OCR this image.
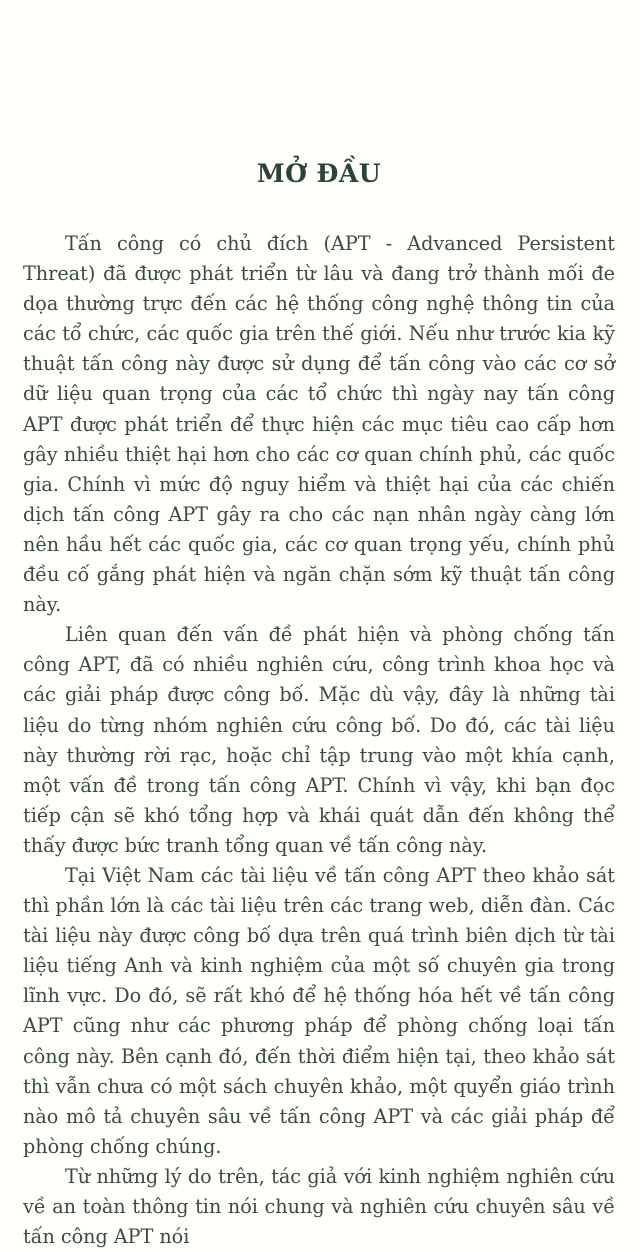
MỞ ĐẦU

Tấn công có chủ đích (APT - Advanced Persistent Threat) đã được phát triển từ lâu và đang trở thành mối đe dọa thường trực đến các hệ thống công nghệ thông tin của các tổ chức, các quốc gia trên thế giới. Nếu như trước kia kỹ thuật tấn công này được sử dụng để tấn công vào các cơ sở dữ liệu quan trọng của các tổ chức thì ngày nay tấn công APT được phát triển để thực hiện các mục tiêu cao cấp hơn gây nhiều thiệt hại hơn cho các cơ quan chính phủ, các quốc gia. Chính vì mức độ nguy hiểm và thiệt hại của các chiến dịch tấn công APT gây ra cho các nạn nhân ngày càng lớn nên hầu hết các quốc gia, các cơ quan trọng yếu, chính phủ đều cố gắng phát hiện và ngăn chặn sớm kỹ thuật tấn công này.

Liên quan đến vấn đề phát hiện và phòng chống tấn công APT, đã có nhiều nghiên cứu, công trình khoa học và các giải pháp được công bố. Mặc dù vậy, đây là những tài liệu do từng nhóm nghiên cứu công bố. Do đó, các tài liệu này thường rời rạc, hoặc chỉ tập trung vào một khía cạnh, một vấn đề trong tấn công APT. Chính vì vậy, khi bạn đọc tiếp cận sẽ khó tổng hợp và khái quát dẫn đến không thể thấy được bức tranh tổng quan về tấn công này.

Tại Việt Nam các tài liệu về tấn công APT theo khảo sát thì phần lớn là các tài liệu trên các trang web, diễn đàn. Các tài liệu này được công bố dựa trên quá trình biên dịch từ tài liệu tiếng Anh và kinh nghiệm của một số chuyên gia trong lĩnh vực. Do đó, sẽ rất khó để hệ thống hóa hết về tấn công APT cũng như các phương pháp để phòng chống loại tấn công này. Bên cạnh đó, đến thời điểm hiện tại, theo khảo sát thì vẫn chưa có một sách chuyên khảo, một quyển giáo trình nào mô tả chuyên sâu về tấn công APT và các giải pháp để phòng chống chúng.

Từ những lý do trên, tác giả với kinh nghiệm nghiên cứu về an toàn thông tin nói chung và nghiên cứu chuyên sâu về tấn công APT nói
